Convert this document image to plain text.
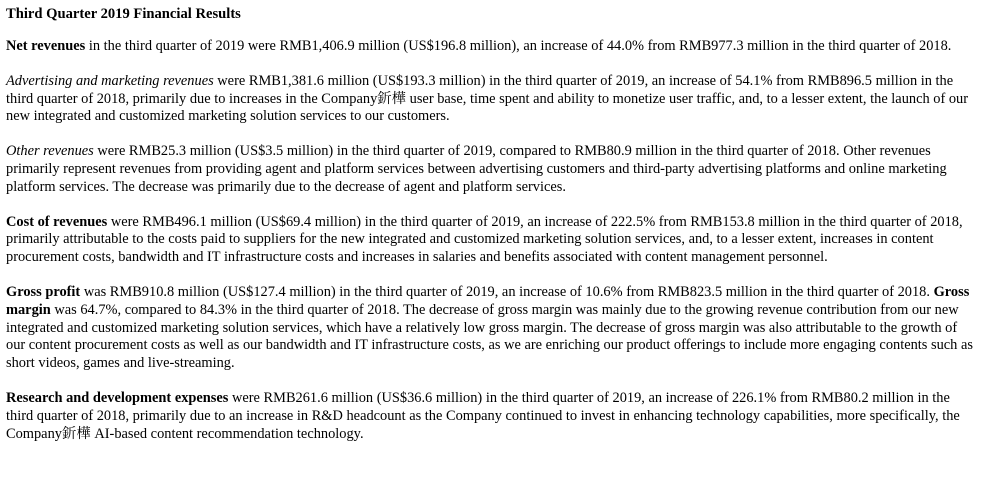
Third Quarter 2019 Financial Results

Net revenues in the third quarter of 2019 were RMB1,406.9 million (US$196.8 million), an increase of 44.0% from RMB977.3 million in the third quarter of 2018.

Advertising and marketing revenues were RMB1,381.6 million (US$193.3 million) in the third quarter of 2019, an increase of 54.1% from RMB896.5 million in the third quarter of 2018, primarily due to increases in the Company釿樺 user base, time spent and ability to monetize user traffic, and, to a lesser extent, the launch of our new integrated and customized marketing solution services to our customers.

Other revenues were RMB25.3 million (US$3.5 million) in the third quarter of 2019, compared to RMB80.9 million in the third quarter of 2018. Other revenues primarily represent revenues from providing agent and platform services between advertising customers and third-party advertising platforms and online marketing platform services. The decrease was primarily due to the decrease of agent and platform services.

Cost of revenues were RMB496.1 million (US$69.4 million) in the third quarter of 2019, an increase of 222.5% from RMB153.8 million in the third quarter of 2018, primarily attributable to the costs paid to suppliers for the new integrated and customized marketing solution services, and, to a lesser extent, increases in content procurement costs, bandwidth and IT infrastructure costs and increases in salaries and benefits associated with content management personnel.

Gross profit was RMB910.8 million (US$127.4 million) in the third quarter of 2019, an increase of 10.6% from RMB823.5 million in the third quarter of 2018. Gross margin was 64.7%, compared to 84.3% in the third quarter of 2018. The decrease of gross margin was mainly due to the growing revenue contribution from our new integrated and customized marketing solution services, which have a relatively low gross margin. The decrease of gross margin was also attributable to the growth of our content procurement costs as well as our bandwidth and IT infrastructure costs, as we are enriching our product offerings to include more engaging contents such as short videos, games and live-streaming.

Research and development expenses were RMB261.6 million (US$36.6 million) in the third quarter of 2019, an increase of 226.1% from RMB80.2 million in the third quarter of 2018, primarily due to an increase in R&D headcount as the Company continued to invest in enhancing technology capabilities, more specifically, the Company釿樺 AI-based content recommendation technology.
